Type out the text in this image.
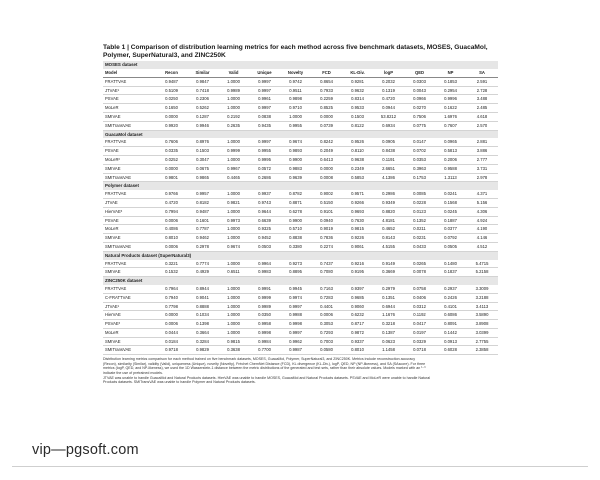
Table 1 | Comparison of distribution learning metrics for each method across five benchmark datasets, MOSES, GuacaMol, Polymer, SuperNatural3, and ZINC250K
MOSES dataset											
Model	Recon	Similar	Valid	Unique	Novelty	FCD	KL-Div.	logP	QED	NP	SA
FRATTVAE	0.9487	0.9847	1.0000	0.9997	0.9742	0.8654	0.9281	0.2032	0.0303	0.1853	2.591
JTVAE¹	0.5109	0.7418	0.9989	0.9997	0.9511	0.7933	0.9632	0.1319	0.0043	0.2954	2.728
PSVAE	0.0250	0.2306	1.0000	0.9961	0.9898	0.2259	0.8314	0.4720	0.0966	0.9996	3.488
MoLeR	0.1650	0.5262	1.0000	0.9997	0.9710	0.8525	0.9533	0.0944	0.0270	0.1622	2.485
SMIVAE	0.0000	0.1287	0.2192	0.0838	1.0000	0.0000	0.1503	53.8212	0.7506	1.6976	4.618
SMITransVAE	0.9920	0.9946	0.2635	0.9435	0.9955	0.0739	0.8122	0.6934	0.0775	0.7607	2.570
GuacaMol dataset											
FRATTVAE	0.7606	0.8976	1.0000	0.9997	0.9674	0.8242	0.9526	0.0905	0.0147	0.0965	2.881
PSVAE	0.0335	0.1503	0.9999	0.9955	0.9893	0.2049	0.8110	0.8438	0.0702	0.5813	3.886
MoLeR²	0.0252	0.3047	1.0000	0.9995	0.9900	0.6413	0.9638	0.1191	0.0353	0.2006	2.777
SMIVAE	0.0000	0.0675	0.9967	0.0572	0.9883	0.0000	0.2349	2.6651	0.3963	0.9588	3.731
SMITransVAE	0.9801	0.9865	0.4465	0.2686	0.9639	0.0008	0.5853	4.1386	0.1753	1.3113	2.978
Polymer dataset											
FRATTVAE	0.9766	0.9957	1.0000	0.9937	0.8782	0.9002	0.9571	0.2986	0.0085	0.0241	4.371
JTVAE	0.4720	0.8182	0.9821	0.9743	0.8871	0.5150	0.9266	0.9349	0.0228	0.1568	5.156
HierVAE³	0.7994	0.9487	1.0000	0.9644	0.6278	0.9101	0.9693	0.8820	0.0123	0.0245	4.306
PSVAE	0.0006	0.1601	0.9973	0.6639	0.9900	0.0940	0.7630	4.8181	0.1352	0.1887	4.924
MoLeR	0.4086	0.7787	1.0000	0.9325	0.5710	0.9019	0.9815	0.4652	0.0211	0.0377	4.190
SMIVAE	0.8010	0.9462	1.0000	0.9452	0.8838	0.7836	0.9226	0.8143	0.0231	0.0792	4.146
SMITransVAE	0.0006	0.2978	0.9674	0.0503	0.3380	0.2274	0.9061	4.5155	0.0433	0.0505	4.512
Natural Products dataset (SuperNatural3)											
FRATTVAE	0.3221	0.7774	1.0000	0.9964	0.9273	0.7437	0.9216	0.9149	0.0265	0.1480	5.4715
SMIVAE	0.1532	0.4929	0.6511	0.9983	0.8895	0.7080	0.9195	0.3669	0.0078	0.1837	5.2158
ZINC250K dataset											
FRATTVAE	0.7964	0.8944	1.0000	0.9991	0.9945	0.7163	0.9397	0.2979	0.0758	0.2937	3.3009
C-FRATTVAE	0.7940	0.9041	1.0000	0.9999	0.9974	0.7283	0.9685	0.1351	0.0406	0.2426	3.2188
JTVAE¹	0.7798	0.8888	1.0000	0.9989	0.9997	0.4401	0.9060	0.6944	0.0312	0.4101	3.4113
HierVAE	0.0000	0.1034	1.0000	0.0350	0.9988	0.0006	0.6232	1.1676	0.1192	0.6086	3.5890
PSVAE³	0.0006	0.1398	1.0000	0.9958	0.9998	0.3053	0.8717	0.3218	0.0417	0.8091	3.8908
MoLeR	0.0444	0.3664	1.0000	0.9998	0.9997	0.7293	0.9872	0.1387	0.0197	0.1442	3.0399
SMIVAE	0.0184	0.3284	0.9815	0.9984	0.9962	0.7003	0.9337	0.0623	0.0329	0.0913	2.7755
SMITransVAE	0.9718	0.9829	0.3638	0.7700	0.9987	0.0580	0.8010	1.1458	0.0718	0.6028	2.3858
Distribution learning metrics comparison for each method trained on five benchmark datasets, MOSES, GuacaMol, Polymer, SuperNatural3, and ZINC250K. Metrics include reconstruction accuracy
(Recon), similarity (Similar), validity (Valid), uniqueness (Unique), novelty (Novelty), Fréchet ChemNet Distance (FCD), KL divergence (KL-Div.), logP, QED, NP (NP-likeness), and SA (SAscore). For three
metrics (logP, QED, and NP-likeness), we used the 1D Wasserstein-1 distance between the metric distributions of the generated and test sets, rather than their absolute values. Models marked with an ¹⁻³
indicate the use of pretrained models.
JTVAE was unable to handle GuacaMol and Natural Products datasets. HierVAE was unable to handle MOSES, GuacaMol and Natural Products datasets. PSVAE and MoLeR were unable to handle Natural
Products datasets. SMITransVAE was unable to handle Polymer and Natural Products datasets.
vip—pgsoft.com
